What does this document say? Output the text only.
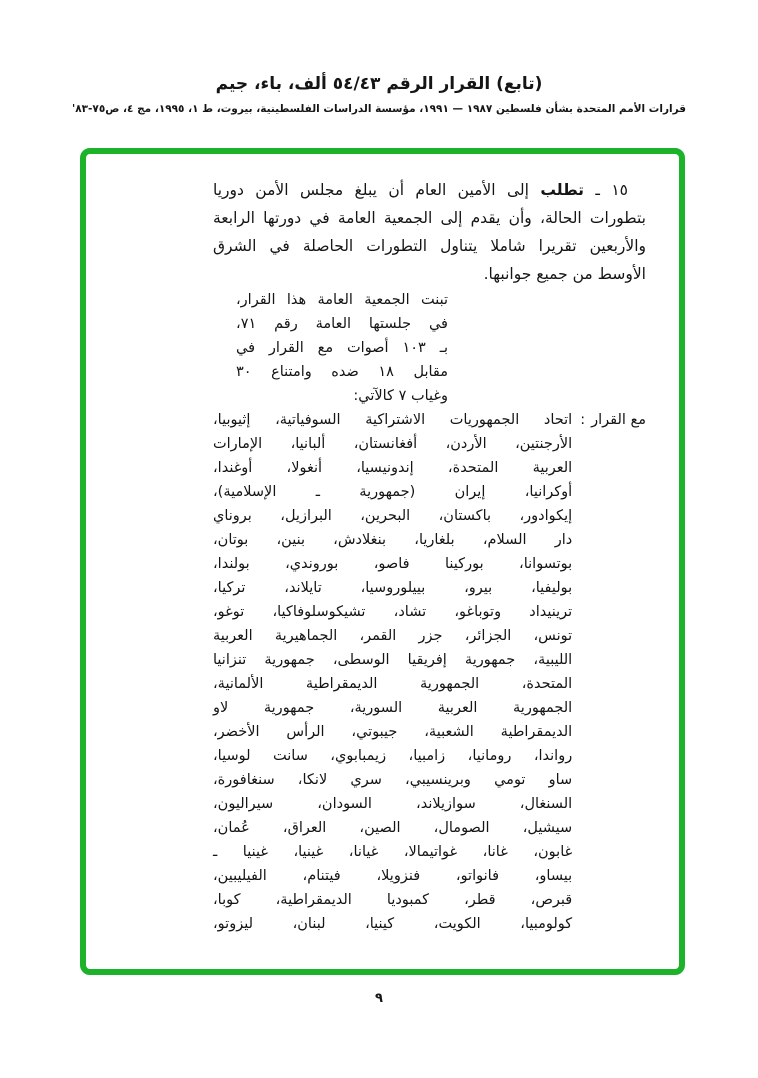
(تابع) القرار الرقم ٥٤/٤٣ ألف، باء، جيم
قرارات الأمم المتحدة بشأن فلسطين ١٩٨٧ — ١٩٩١، مؤسسة الدراسات الفلسطينية، بيروت، ط ١، ١٩٩٥، مج ٤، ص٧٥-٨٣'
١٥ ـ تطلب إلى الأمين العام أن يبلغ مجلس الأمن دوريا
بتطورات الحالة، وأن يقدم إلى الجمعية العامة في دورتها الرابعة
والأربعين تقريرا شاملا يتناول التطورات الحاصلة في الشرق
الأوسط من جميع جوانبها.
تبنت الجمعية العامة هذا القرار،
في جلستها العامة رقم ٧١،
بـ ١٠٣ أصوات مع القرار في
مقابل ١٨ ضده وامتناع ٣٠
وغياب ٧ كالآتي:
مع القرار
:
اتحاد الجمهوريات الاشتراكية السوفياتية، إثيوبيا،
الأرجنتين، الأردن، أفغانستان، ألبانيا، الإمارات
العربية المتحدة، إندونيسيا، أنغولا، أوغندا،
أوكرانيا، إيران (جمهورية ـ الإسلامية)،
إيكوادور، باكستان، البحرين، البرازيل، بروناي
دار السلام، بلغاريا، بنغلادش، بنين، بوتان،
بوتسوانا، بوركينا فاصو، بوروندي، بولندا،
بوليفيا، بيرو، بييلوروسيا، تايلاند، تركيا،
ترينيداد وتوباغو، تشاد، تشيكوسلوفاكيا، توغو،
تونس، الجزائر، جزر القمر، الجماهيرية العربية
الليبية، جمهورية إفريقيا الوسطى، جمهورية تنزانيا
المتحدة، الجمهورية الديمقراطية الألمانية،
الجمهورية العربية السورية، جمهورية لاو
الديمقراطية الشعبية، جيبوتي، الرأس الأخضر،
رواندا، رومانيا، زامبيا، زيمبابوي، سانت لوسيا،
ساو تومي وبرينسيبي، سري لانكا، سنغافورة،
السنغال، سوازيلاند، السودان، سيراليون،
سيشيل، الصومال، الصين، العراق، عُمان،
غابون، غانا، غواتيمالا، غيانا، غينيا، غينيا ـ
بيساو، فانواتو، فنزويلا، فيتنام، الفيليبين،
قبرص، قطر، كمبوديا الديمقراطية، كوبا،
كولومبيا، الكويت، كينيا، لبنان، ليزوتو،
٩
